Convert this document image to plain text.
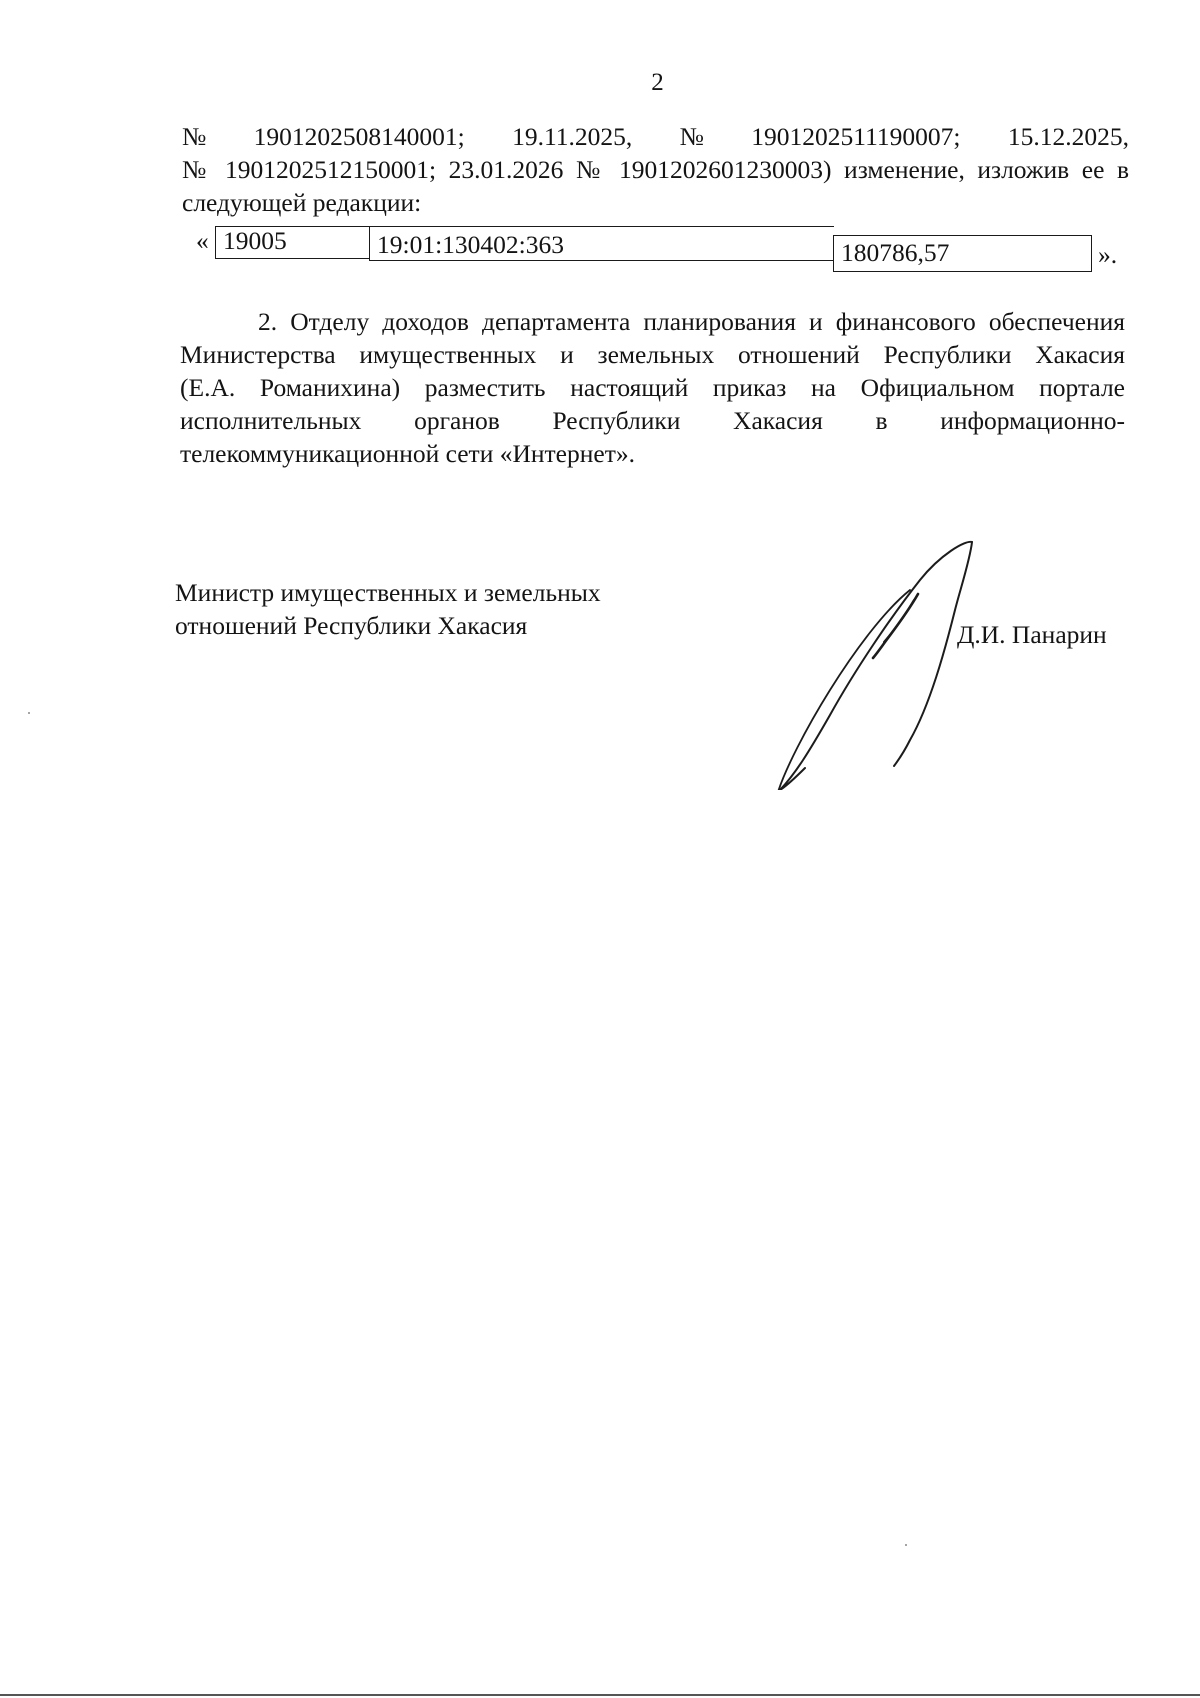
2
№ 1901202508140001; 19.11.2025, № 1901202511190007; 15.12.2025,
№ 1901202512150001; 23.01.2026 № 1901202601230003) изменение, изложив ее в
следующей редакции:
« 19005	19:01:130402:363	180786,57	».
2. Отделу доходов департамента планирования и финансового обеспечения
Министерства имущественных и земельных отношений Республики Хакасия
(Е.А. Романихина) разместить настоящий приказ на Официальном портале
исполнительных органов Республики Хакасия в информационно-
телекоммуникационной сети «Интернет».
Министр имущественных и земельных
отношений Республики Хакасия	Д.И. Панарин
